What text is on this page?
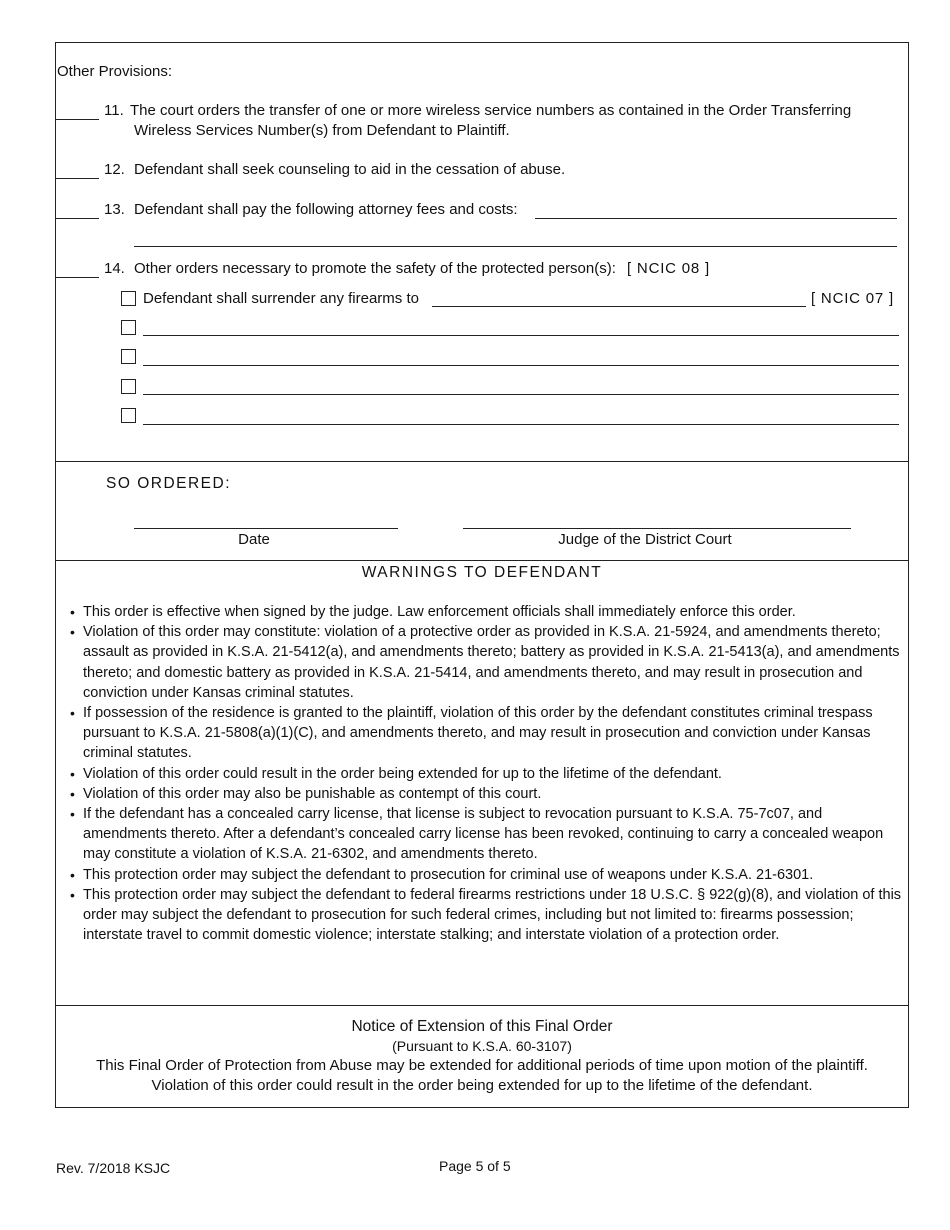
Other Provisions:
11. The court orders the transfer of one or more wireless service numbers as contained in the Order Transferring
Wireless Services Number(s) from Defendant to Plaintiff.
12. Defendant shall seek counseling to aid in the cessation of abuse.
13. Defendant shall pay the following attorney fees and costs:
14. Other orders necessary to promote the safety of the protected person(s): [ NCIC 08 ]
Defendant shall surrender any firearms to	[ NCIC 07 ]
SO ORDERED:
Date	Judge of the District Court
WARNINGS TO DEFENDANT
• This order is effective when signed by the judge. Law enforcement officials shall immediately enforce this order.
• Violation of this order may constitute: violation of a protective order as provided in K.S.A. 21-5924, and amendments thereto; assault as provided in K.S.A. 21-5412(a), and amendments thereto; battery as provided in K.S.A. 21-5413(a), and amendments thereto; and domestic battery as provided in K.S.A. 21-5414, and amendments thereto, and may result in prosecution and conviction under Kansas criminal statutes.
• If possession of the residence is granted to the plaintiff, violation of this order by the defendant constitutes criminal trespass pursuant to K.S.A. 21-5808(a)(1)(C), and amendments thereto, and may result in prosecution and conviction under Kansas criminal statutes.
• Violation of this order could result in the order being extended for up to the lifetime of the defendant.
• Violation of this order may also be punishable as contempt of this court.
• If the defendant has a concealed carry license, that license is subject to revocation pursuant to K.S.A. 75-7c07, and amendments thereto. After a defendant’s concealed carry license has been revoked, continuing to carry a concealed weapon may constitute a violation of K.S.A. 21-6302, and amendments thereto.
• This protection order may subject the defendant to prosecution for criminal use of weapons under K.S.A. 21-6301.
• This protection order may subject the defendant to federal firearms restrictions under 18 U.S.C. § 922(g)(8), and violation of this order may subject the defendant to prosecution for such federal crimes, including but not limited to: firearms possession; interstate travel to commit domestic violence; interstate stalking; and interstate violation of a protection order.
Notice of Extension of this Final Order
(Pursuant to K.S.A. 60-3107)
This Final Order of Protection from Abuse may be extended for additional periods of time upon motion of the plaintiff.
Violation of this order could result in the order being extended for up to the lifetime of the defendant.
Rev. 7/2018 KSJC	Page 5 of 5
